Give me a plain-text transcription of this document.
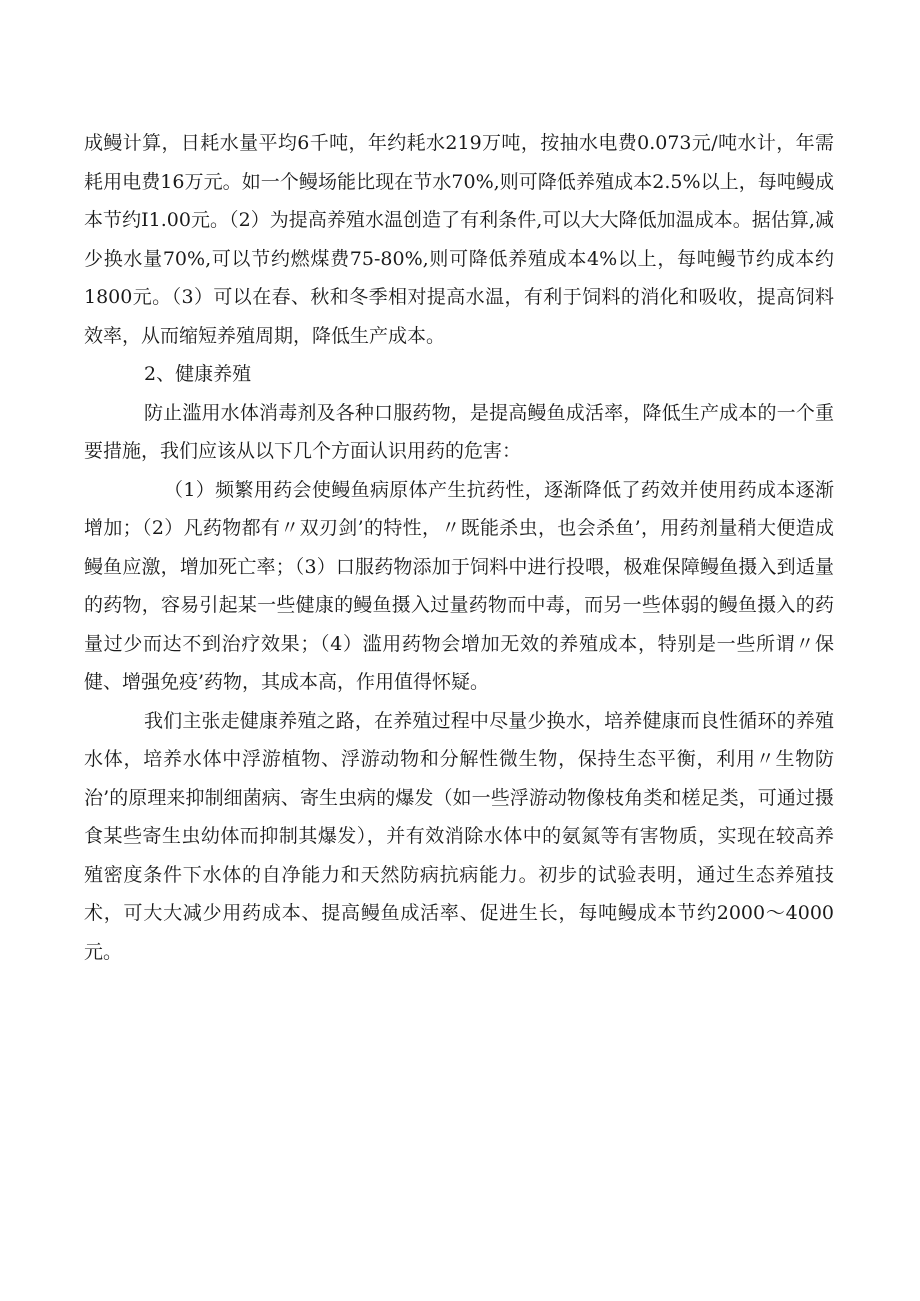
成鳗计算，日耗水量平均6千吨，年约耗水219万吨，按抽水电费0.073元/吨水计，年需耗用电费16万元。如一个鳗场能比现在节水70%,则可降低养殖成本2.5%以上，每吨鳗成本节约I1.00元。（2）为提高养殖水温创造了有利条件,可以大大降低加温成本。据估算,减少换水量70%,可以节约燃煤费75-80%,则可降低养殖成本4%以上，每吨鳗节约成本约1800元。（3）可以在春、秋和冬季相对提高水温，有利于饲料的消化和吸收，提高饲料效率，从而缩短养殖周期，降低生产成本。

2、健康养殖

防止滥用水体消毒剂及各种口服药物，是提高鳗鱼成活率，降低生产成本的一个重要措施，我们应该从以下几个方面认识用药的危害：

（1）频繁用药会使鳗鱼病原体产生抗药性，逐渐降低了药效并使用药成本逐渐增加；（2）凡药物都有〃双刃剑’的特性，〃既能杀虫，也会杀鱼’，用药剂量稍大便造成鳗鱼应激，增加死亡率；（3）口服药物添加于饲料中进行投喂，极难保障鳗鱼摄入到适量的药物，容易引起某一些健康的鳗鱼摄入过量药物而中毒，而另一些体弱的鳗鱼摄入的药量过少而达不到治疗效果；（4）滥用药物会增加无效的养殖成本，特别是一些所谓〃保健、增强免疫’药物，其成本高，作用值得怀疑。

我们主张走健康养殖之路，在养殖过程中尽量少换水，培养健康而良性循环的养殖水体，培养水体中浮游植物、浮游动物和分解性微生物，保持生态平衡，利用〃生物防治’的原理来抑制细菌病、寄生虫病的爆发（如一些浮游动物像枝角类和槎足类，可通过摄食某些寄生虫幼体而抑制其爆发），并有效消除水体中的氨氮等有害物质，实现在较高养殖密度条件下水体的自净能力和天然防病抗病能力。初步的试验表明，通过生态养殖技术，可大大减少用药成本、提高鳗鱼成活率、促进生长，每吨鳗成本节约2000～4000元。
